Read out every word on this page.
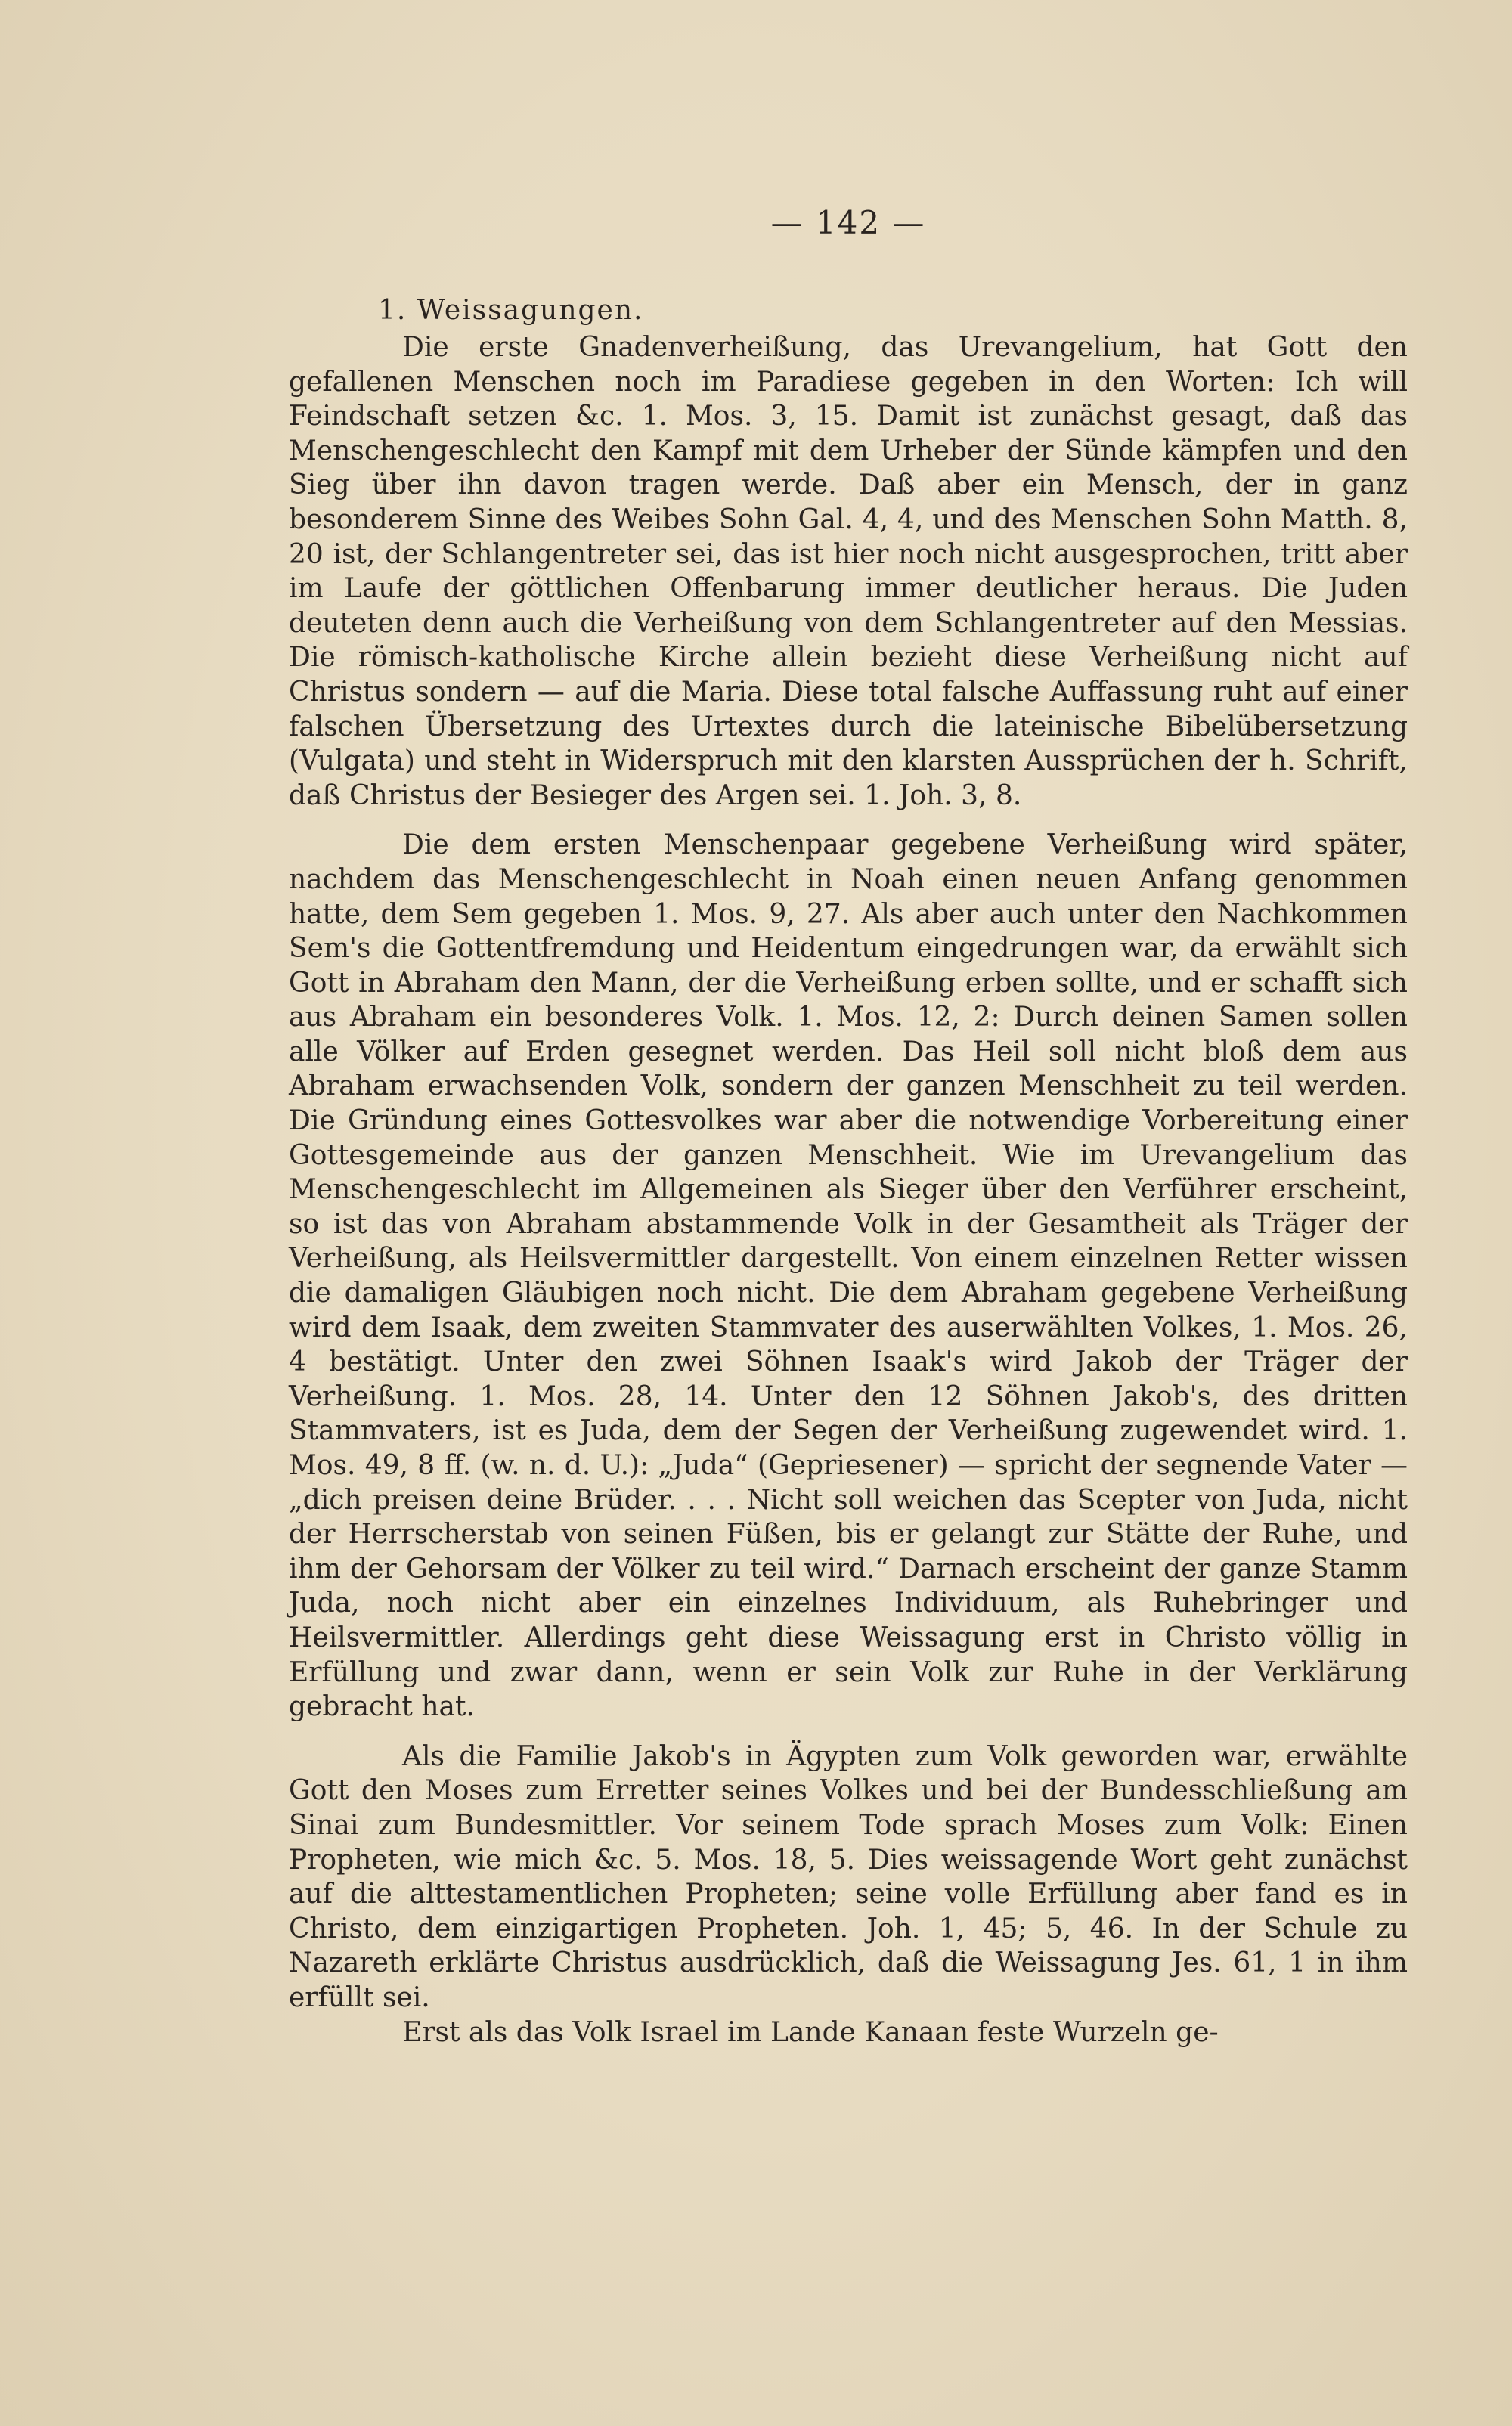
— 142 —
1. Weissagungen.

Die erste Gnadenverheißung, das Urevangelium, hat Gott den gefallenen Menschen noch im Paradiese gegeben in den Worten: Ich will Feindschaft setzen &c. 1. Mos. 3, 15. Damit ist zunächst gesagt, daß das Menschengeschlecht den Kampf mit dem Urheber der Sünde kämpfen und den Sieg über ihn davon tragen werde. Daß aber ein Mensch, der in ganz besonderem Sinne des Weibes Sohn Gal. 4, 4, und des Menschen Sohn Matth. 8, 20 ist, der Schlangentreter sei, das ist hier noch nicht ausgesprochen, tritt aber im Laufe der göttlichen Offenbarung immer deutlicher heraus. Die Juden deuteten denn auch die Verheißung von dem Schlangentreter auf den Messias. Die römisch-katholische Kirche allein bezieht diese Verheißung nicht auf Christus sondern — auf die Maria. Diese total falsche Auffassung ruht auf einer falschen Übersetzung des Urtextes durch die lateinische Bibelübersetzung (Vulgata) und steht in Widerspruch mit den klarsten Aussprüchen der h. Schrift, daß Christus der Besieger des Argen sei. 1. Joh. 3, 8.

Die dem ersten Menschenpaar gegebene Verheißung wird später, nachdem das Menschengeschlecht in Noah einen neuen Anfang genommen hatte, dem Sem gegeben 1. Mos. 9, 27. Als aber auch unter den Nachkommen Sem's die Gottentfremdung und Heidentum eingedrungen war, da erwählt sich Gott in Abraham den Mann, der die Verheißung erben sollte, und er schafft sich aus Abraham ein besonderes Volk. 1. Mos. 12, 2: Durch deinen Samen sollen alle Völker auf Erden gesegnet werden. Das Heil soll nicht bloß dem aus Abraham erwachsenden Volk, sondern der ganzen Menschheit zu teil werden. Die Gründung eines Gottesvolkes war aber die notwendige Vorbereitung einer Gottesgemeinde aus der ganzen Menschheit. Wie im Urevangelium das Menschengeschlecht im Allgemeinen als Sieger über den Verführer erscheint, so ist das von Abraham abstammende Volk in der Gesamtheit als Träger der Verheißung, als Heilsvermittler dargestellt. Von einem einzelnen Retter wissen die damaligen Gläubigen noch nicht. Die dem Abraham gegebene Verheißung wird dem Isaak, dem zweiten Stammvater des auserwählten Volkes, 1. Mos. 26, 4 bestätigt. Unter den zwei Söhnen Isaak's wird Jakob der Träger der Verheißung. 1. Mos. 28, 14. Unter den 12 Söhnen Jakob's, des dritten Stammvaters, ist es Juda, dem der Segen der Verheißung zugewendet wird. 1. Mos. 49, 8 ff. (w. n. d. U.): „Juda“ (Gepriesener) — spricht der segnende Vater — „dich preisen deine Brüder. . . . Nicht soll weichen das Scepter von Juda, nicht der Herrscherstab von seinen Füßen, bis er gelangt zur Stätte der Ruhe, und ihm der Gehorsam der Völker zu teil wird.“ Darnach erscheint der ganze Stamm Juda, noch nicht aber ein einzelnes Individuum, als Ruhebringer und Heilsvermittler. Allerdings geht diese Weissagung erst in Christo völlig in Erfüllung und zwar dann, wenn er sein Volk zur Ruhe in der Verklärung gebracht hat.

Als die Familie Jakob's in Ägypten zum Volk geworden war, erwählte Gott den Moses zum Erretter seines Volkes und bei der Bundesschließung am Sinai zum Bundesmittler. Vor seinem Tode sprach Moses zum Volk: Einen Propheten, wie mich &c. 5. Mos. 18, 5. Dies weissagende Wort geht zunächst auf die alttestamentlichen Propheten; seine volle Erfüllung aber fand es in Christo, dem einzigartigen Propheten. Joh. 1, 45; 5, 46. In der Schule zu Nazareth erklärte Christus ausdrücklich, daß die Weissagung Jes. 61, 1 in ihm erfüllt sei.

Erst als das Volk Israel im Lande Kanaan feste Wurzeln ge-
